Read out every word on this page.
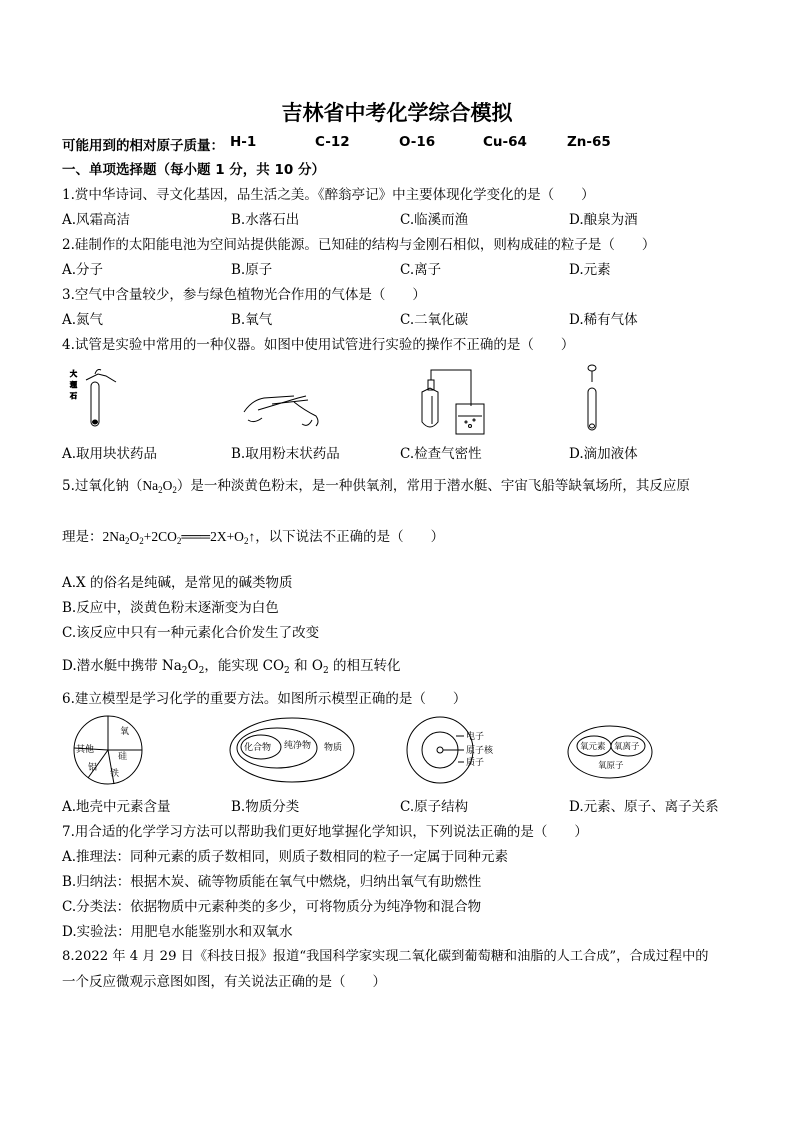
吉林省中考化学综合模拟
可能用到的相对原子质量： H-1	C-12	O-16	Cu-64	Zn-65
一、单项选择题（每小题 1 分，共 10 分）
1.赏中华诗词、寻文化基因，品生活之美。《醉翁亭记》中主要体现化学变化的是（　　）
A.风霜高洁	B.水落石出	C.临溪而渔	D.酿泉为酒
2.硅制作的太阳能电池为空间站提供能源。已知硅的结构与金刚石相似，则构成硅的粒子是（　　）
A.分子	B.原子	C.离子	D.元素
3.空气中含量较少，参与绿色植物光合作用的气体是（　　）
A.氮气	B.氧气	C.二氧化碳	D.稀有气体
4.试管是实验中常用的一种仪器。如图中使用试管进行实验的操作不正确的是（　　）
大
理
石
A.取用块状药品	B.取用粉末状药品	C.检查气密性	D.滴加液体
5.过氧化钠$(Na_2O_2)$是一种淡黄色粉末，是一种供氧剂，常用于潜水艇、宇宙飞船等缺氧场所，其反应原
理是：$2Na_2O_2+2CO_2═══2X+O_2↑$，以下说法不正确的是（　　）
A.X 的俗名是纯碱，是常见的碱类物质
B.反应中，淡黄色粉末逐渐变为白色
C.该反应中只有一种元素化合价发生了改变
D.潜水艇中携带 $Na_2O_2$，能实现 $CO_2$ 和 $O_2$ 的相互转化
6.建立模型是学习化学的重要方法。如图所示模型正确的是（　　）
氧
硅
铁
铝
其他	化合物 纯净物 物质
电子
原子核
质子
氧元素 氧离子
氧原子
A.地壳中元素含量	B.物质分类	C.原子结构	D.元素、原子、离子关系
7.用合适的化学学习方法可以帮助我们更好地掌握化学知识，下列说法正确的是（　　）
A.推理法：同种元素的质子数相同，则质子数相同的粒子一定属于同种元素
B.归纳法：根据木炭、硫等物质能在氧气中燃烧，归纳出氧气有助燃性
C.分类法：依据物质中元素种类的多少，可将物质分为纯净物和混合物
D.实验法：用肥皂水能鉴别水和双氧水
8.2022 年 4 月 29 日《科技日报》报道“我国科学家实现二氧化碳到葡萄糖和油脂的人工合成”，合成过程中的
一个反应微观示意图如图，有关说法正确的是（　　）
